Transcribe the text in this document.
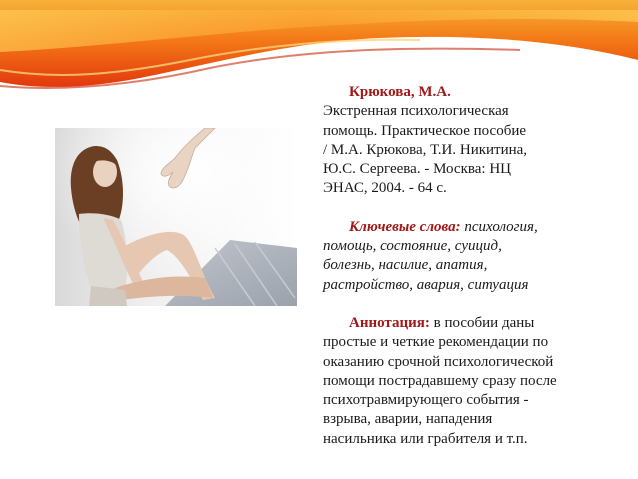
Крюкова, М.А.

Экстренная психологическая

помощь. Практическое пособие

/ М.А. Крюкова, Т.И. Никитина,

Ю.С. Сергеева. - Москва: НЦ

ЭНАС, 2004. - 64 с.

Ключевые слова: психология,

помощь, состояние, суицид,

болезнь, насилие, апатия,

растройство, авария, ситуация

Аннотация: в пособии даны

простые и четкие рекомендации по

оказанию срочной психологической

помощи пострадавшему сразу после

психотравмирующего события -

взрыва, аварии, нападения

насильника или грабителя и т.п.
